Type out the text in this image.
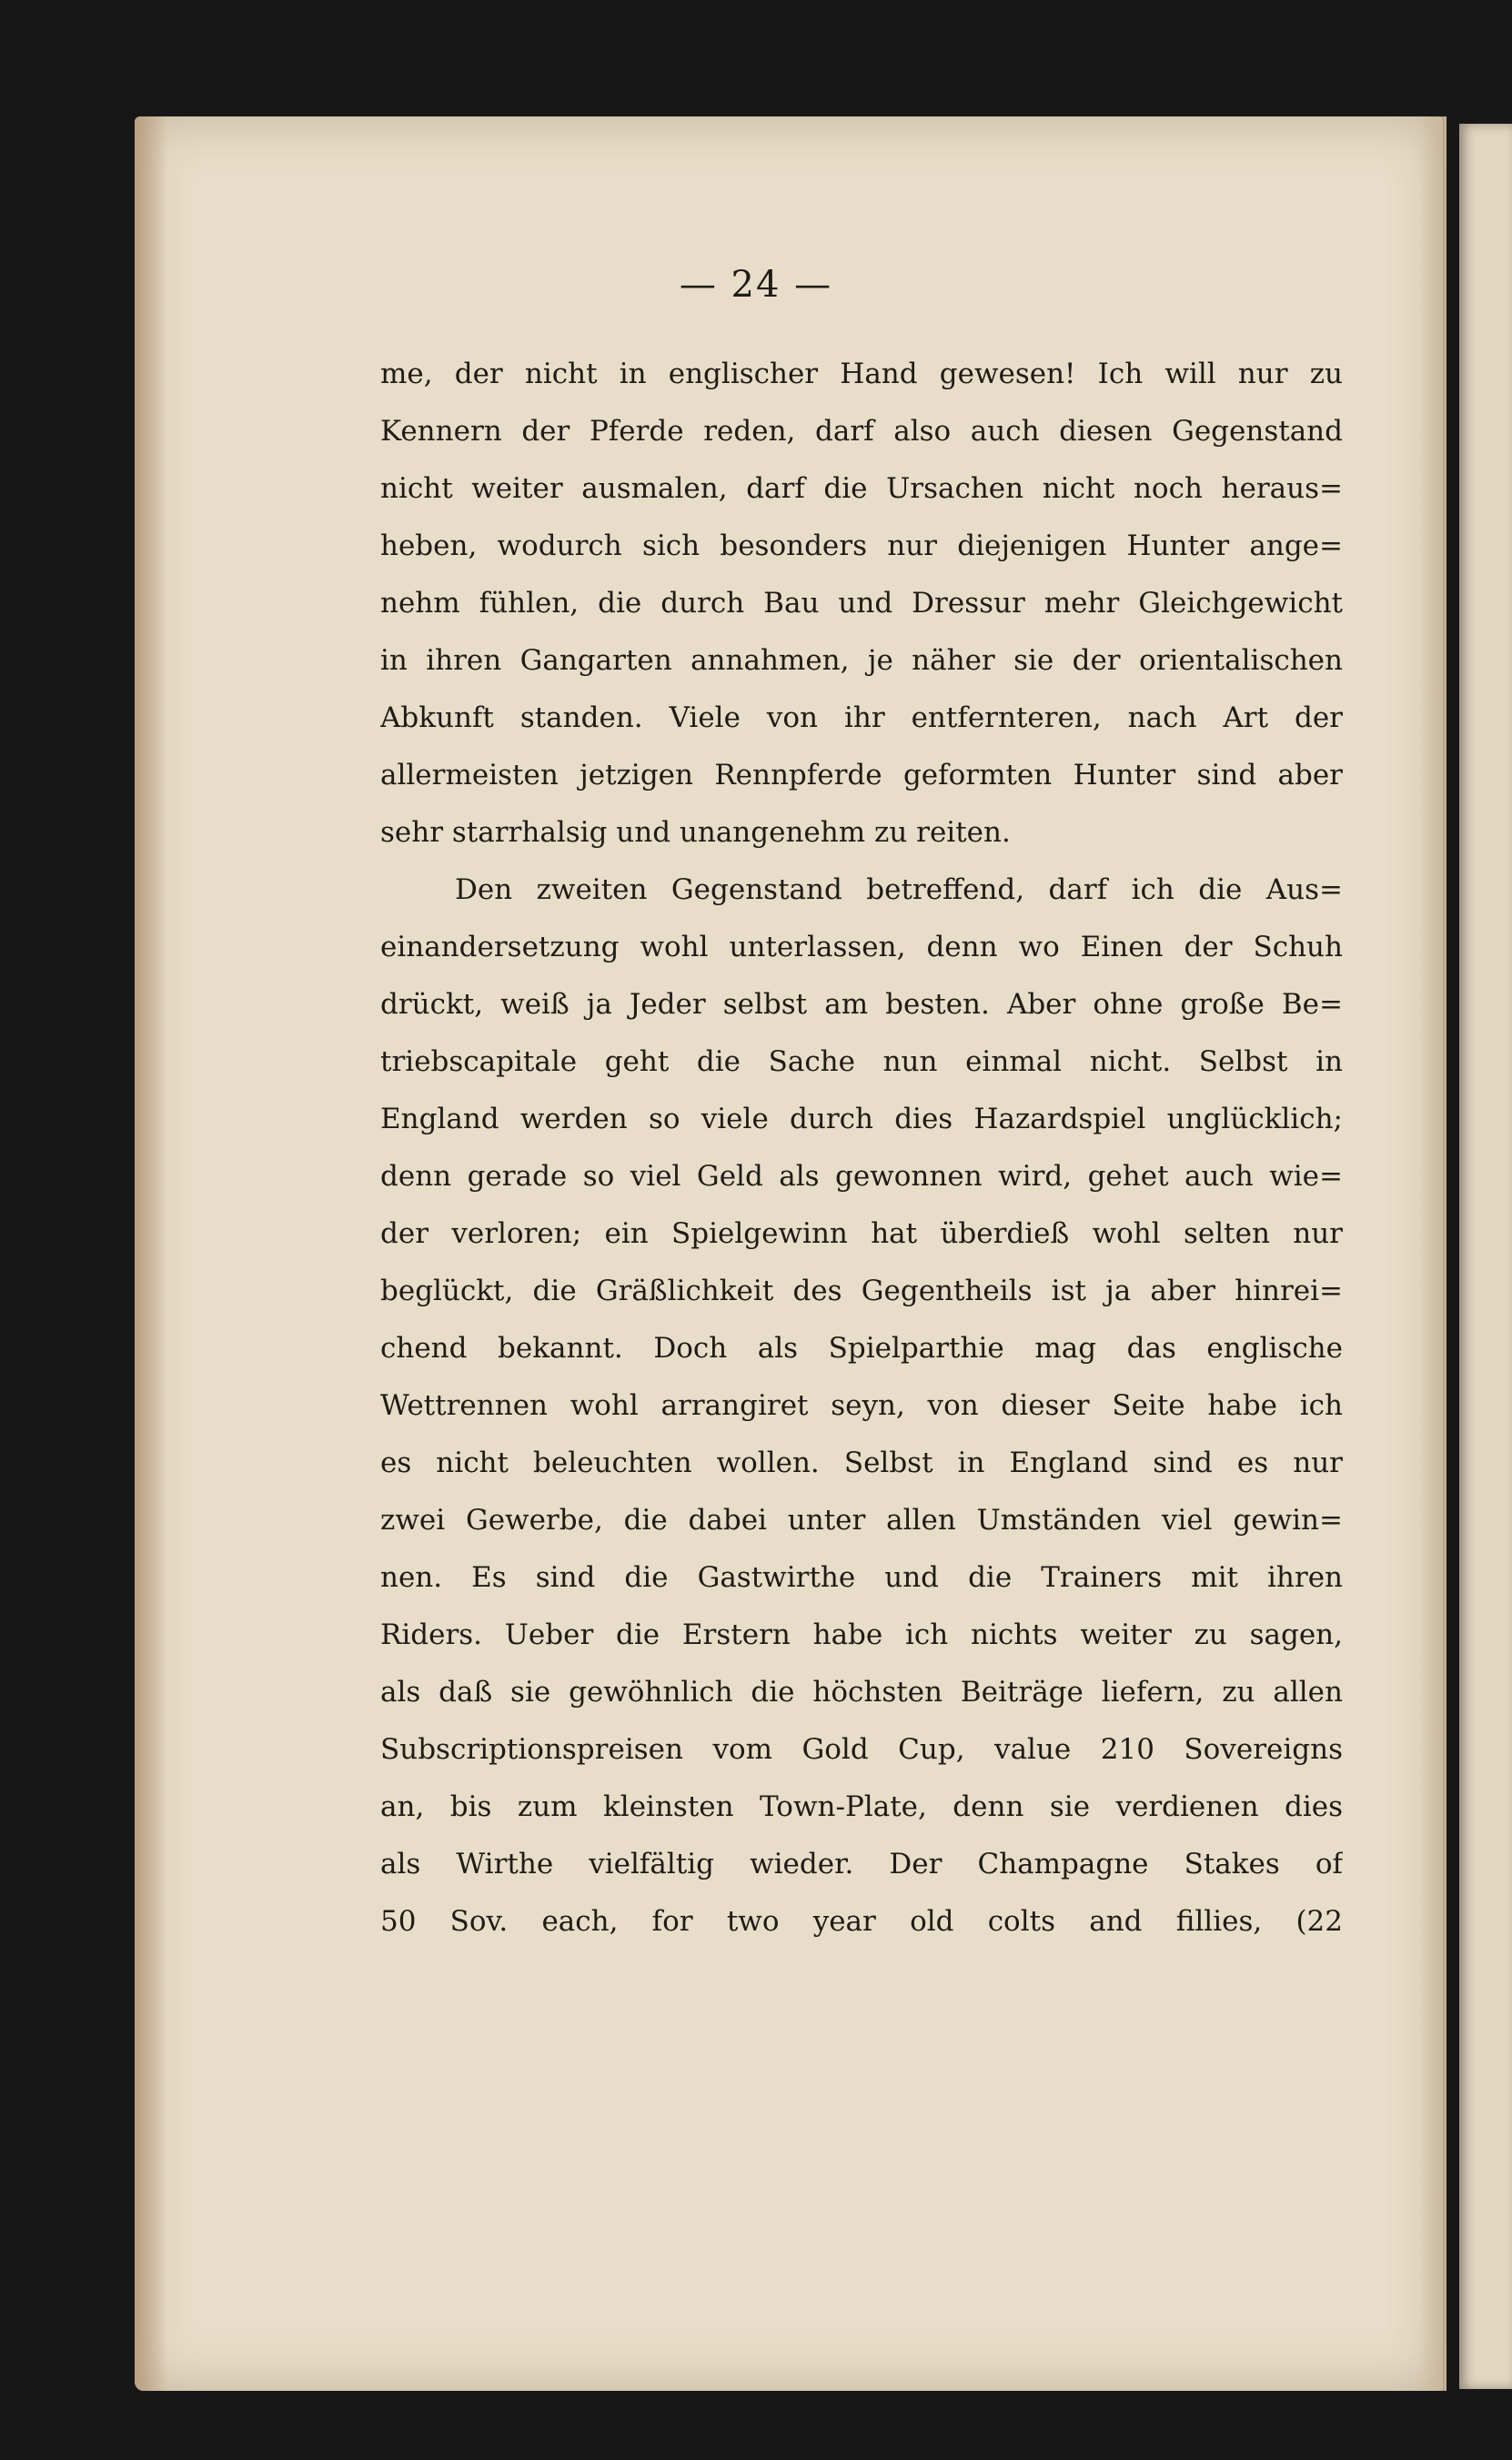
— 24 —
me, der nicht in englischer Hand gewesen! Ich will nur zu
Kennern der Pferde reden, darf also auch diesen Gegenstand
nicht weiter ausmalen, darf die Ursachen nicht noch heraus=
heben, wodurch sich besonders nur diejenigen Hunter ange=
nehm fühlen, die durch Bau und Dressur mehr Gleichgewicht
in ihren Gangarten annahmen, je näher sie der orientalischen
Abkunft standen. Viele von ihr entfernteren, nach Art der
allermeisten jetzigen Rennpferde geformten Hunter sind aber
sehr starrhalsig und unangenehm zu reiten.
Den zweiten Gegenstand betreffend, darf ich die Aus=
einandersetzung wohl unterlassen, denn wo Einen der Schuh
drückt, weiß ja Jeder selbst am besten. Aber ohne große Be=
triebscapitale geht die Sache nun einmal nicht. Selbst in
England werden so viele durch dies Hazardspiel unglücklich;
denn gerade so viel Geld als gewonnen wird, gehet auch wie=
der verloren; ein Spielgewinn hat überdieß wohl selten nur
beglückt, die Gräßlichkeit des Gegentheils ist ja aber hinrei=
chend bekannt. Doch als Spielparthie mag das englische
Wettrennen wohl arrangiret seyn, von dieser Seite habe ich
es nicht beleuchten wollen. Selbst in England sind es nur
zwei Gewerbe, die dabei unter allen Umständen viel gewin=
nen. Es sind die Gastwirthe und die Trainers mit ihren
Riders. Ueber die Erstern habe ich nichts weiter zu sagen,
als daß sie gewöhnlich die höchsten Beiträge liefern, zu allen
Subscriptionspreisen vom Gold Cup, value 210 Sovereigns
an, bis zum kleinsten Town-Plate, denn sie verdienen dies
als Wirthe vielfältig wieder. Der Champagne Stakes of
50 Sov. each, for two year old colts and fillies, (22
